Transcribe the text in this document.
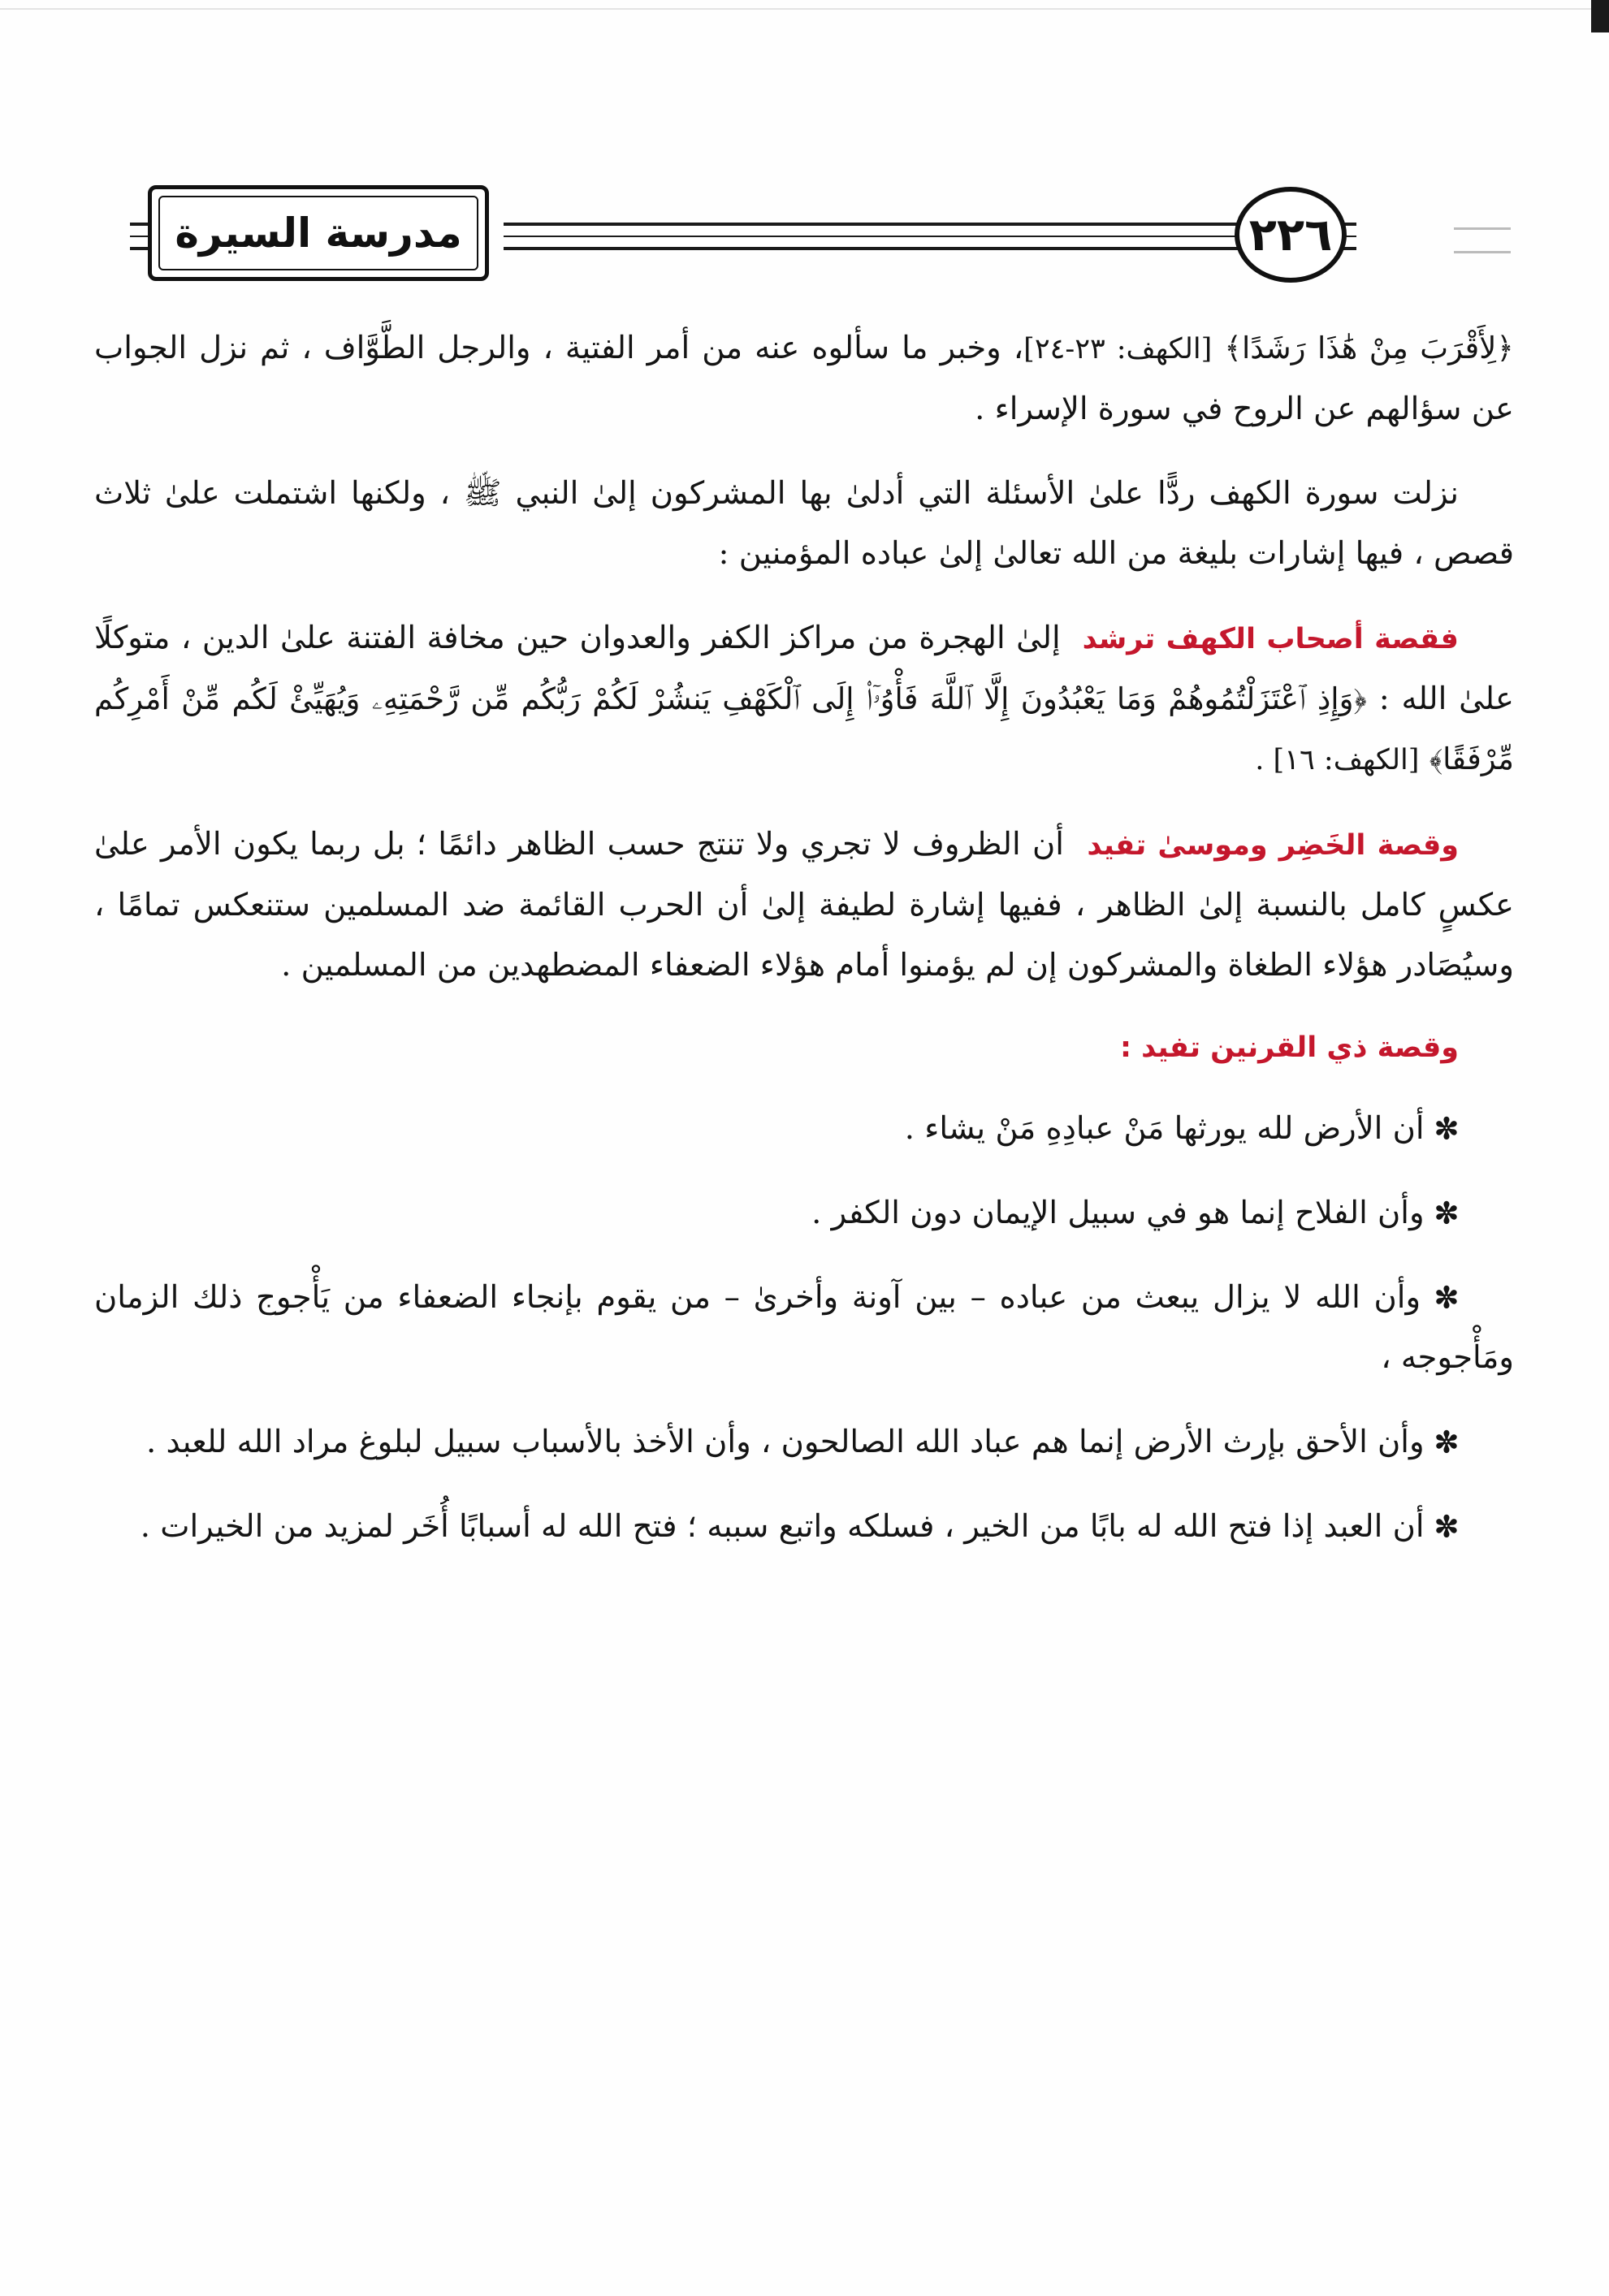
مدرسة السيرة	٢٢٦

﴿لِأَقْرَبَ مِنْ هَٰذَا رَشَدًا﴾ [الكهف: ٢٣-٢٤]، وخبر ما سألوه عنه من أمر الفتية ، والرجل الطَّوَّاف ، ثم نزل الجواب عن سؤالهم عن الروح في سورة الإسراء .

نزلت سورة الكهف ردًّا علىٰ الأسئلة التي أدلىٰ بها المشركون إلىٰ النبي ﷺ ، ولكنها اشتملت علىٰ ثلاث قصص ، فيها إشارات بليغة من الله تعالىٰ إلىٰ عباده المؤمنين :

فقصة أصحاب الكهف ترشد  إلىٰ الهجرة من مراكز الكفر والعدوان حين مخافة الفتنة علىٰ الدين ، متوكلًا علىٰ الله : ﴿وَإِذِ ٱعْتَزَلْتُمُوهُمْ وَمَا يَعْبُدُونَ إِلَّا ٱللَّهَ فَأْوُۥٓا۟ إِلَى ٱلْكَهْفِ يَنشُرْ لَكُمْ رَبُّكُم مِّن رَّحْمَتِهِۦ وَيُهَيِّئْ لَكُم مِّنْ أَمْرِكُم مِّرْفَقًا﴾ [الكهف: ١٦] .

وقصة الخَضِر وموسىٰ تفيد  أن الظروف لا تجري ولا تنتج حسب الظاهر دائمًا ؛ بل ربما يكون الأمر علىٰ عكسٍ كامل بالنسبة إلىٰ الظاهر ، ففيها إشارة لطيفة إلىٰ أن الحرب القائمة ضد المسلمين ستنعكس تمامًا ، وسيُصَادر هؤلاء الطغاة والمشركون إن لم يؤمنوا أمام هؤلاء الضعفاء المضطهدين من المسلمين .

وقصة ذي القرنين تفيد :

✼ أن الأرض لله يورثها مَنْ عبادِهِ مَنْ يشاء .

✼ وأن الفلاح إنما هو في سبيل الإيمان دون الكفر .

✼ وأن الله لا يزال يبعث من عباده – بين آونة وأخرىٰ – من يقوم بإنجاء الضعفاء من يَأْجوج ذلك الزمان ومَأْجوجه ،

✼ وأن الأحق بإرث الأرض إنما هم عباد الله الصالحون ، وأن الأخذ بالأسباب سبيل لبلوغ مراد الله للعبد .

✼ أن العبد إذا فتح الله له بابًا من الخير ، فسلكه واتبع سببه ؛ فتح الله له أسبابًا أُخَر لمزيد من الخيرات .
